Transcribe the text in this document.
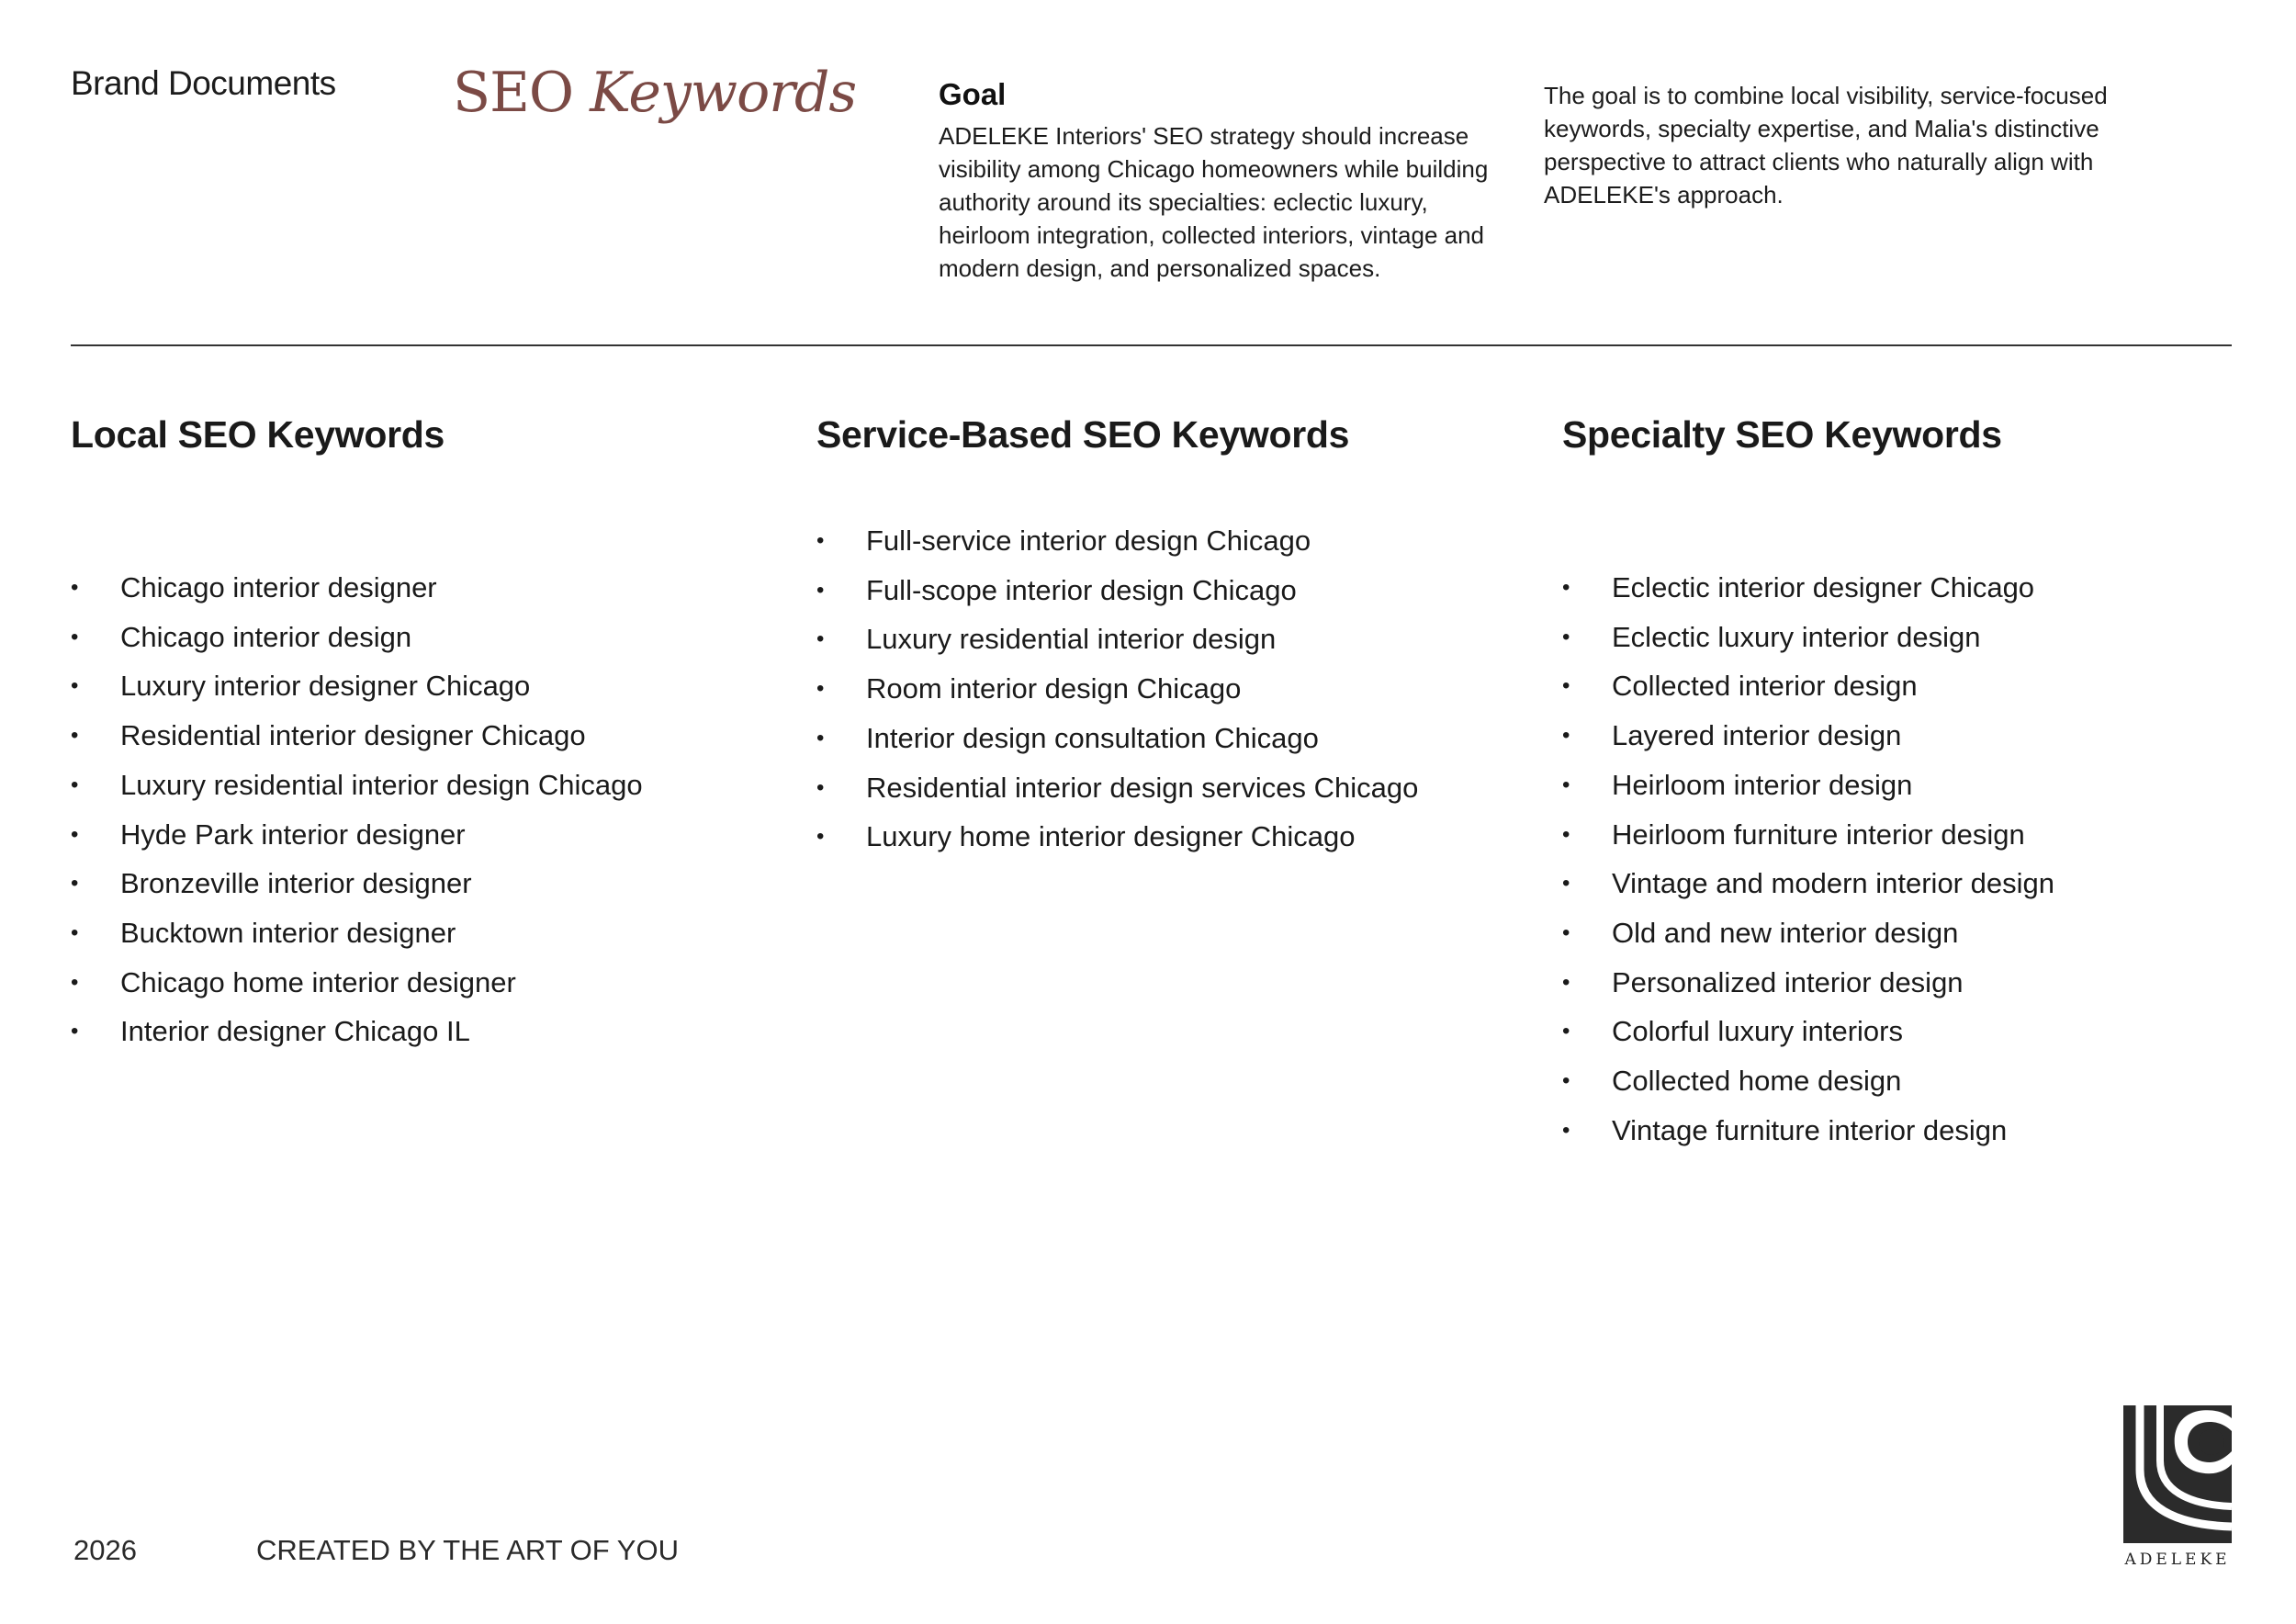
Brand Documents SEO Keywords	Goal
ADELEKE Interiors' SEO strategy should increase visibility among Chicago homeowners while building authority around its specialties: eclectic luxury, heirloom integration, collected interiors, vintage and modern design, and personalized spaces.
The goal is to combine local visibility, service-focused keywords, specialty expertise, and Malia's distinctive perspective to attract clients who naturally align with ADELEKE's approach.
Local SEO Keywords
• Chicago interior designer
• Chicago interior design
• Luxury interior designer Chicago
• Residential interior designer Chicago
• Luxury residential interior design Chicago
• Hyde Park interior designer
• Bronzeville interior designer
• Bucktown interior designer
• Chicago home interior designer
• Interior designer Chicago IL
Service-Based SEO Keywords
• Full-service interior design Chicago
• Full-scope interior design Chicago
• Luxury residential interior design
• Room interior design Chicago
• Interior design consultation Chicago
• Residential interior design services Chicago
• Luxury home interior designer Chicago
Specialty SEO Keywords
• Eclectic interior designer Chicago
• Eclectic luxury interior design
• Collected interior design
• Layered interior design
• Heirloom interior design
• Heirloom furniture interior design
• Vintage and modern interior design
• Old and new interior design
• Personalized interior design
• Colorful luxury interiors
• Collected home design
• Vintage furniture interior design
2026	CREATED BY THE ART OF YOU	ADELEKE
